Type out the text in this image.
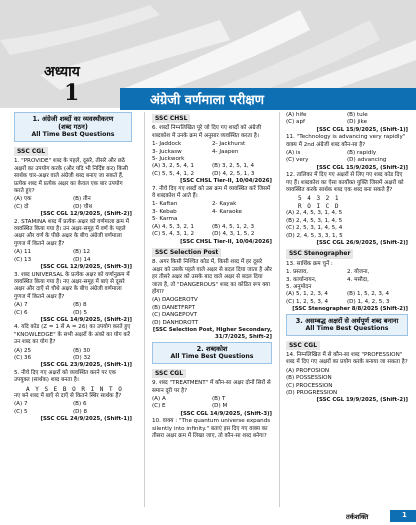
अध्याय
1	अंग्रेजी वर्णमाला परीक्षण
1. अंग्रेजी शब्दों का व्यवस्थीकरण
(शब्द गठन)
All Time Best Questions
SSC CGL
1. "PROVIDE" शब्द के पहले, दूसरे, तीसरे और छठे अक्षरों का उपयोग करके (और यदि भी निर्दिष्ट कर) किसी सार्थक चार-अक्षर वाले अंग्रेजी शब्द बनाए जा सकते हैं, प्रत्येक शब्द में प्रत्येक अक्षर का केवल एक बार उपयोग करते हुए?
(A) एक	(B) तीन
(C) दो	(D) चौथ
[SSC CGL 12/9/2025, (Shift-2)]
2. STAMINA शब्द में प्रत्येक अक्षर को वर्णमाला क्रम में व्यवस्थित किया गया है। उन अक्षर-समूह में वर्ण के पहले अक्षर और वर्ण के पीछे अक्षर के बीच अंग्रेजी वर्णमाला गुणज में कितने अक्षर हैं?
(A) 11	(B) 12
(C) 13	(D) 14
[SSC CGL 12/9/2025, (Shift-3)]
3. शब्द UNIVERSAL के प्रत्येक अक्षर को वर्णानुक्रम में व्यवस्थित किया गया है। नए अक्षर-समूह में बाएं से दूसरे अक्षर और दाएँ से चौथे अक्षर के बीच अंग्रेजी वर्णमाला गुणज में कितने अक्षर हैं?
(A) 7	(B) 8
(C) 6	(D) 5
[SSC CGL 14/9/2025, (Shift-2)]
4. यदि कोड (Z = 1 से A = 26) का उपयोग करते हुए "KNOWLEDGE" के सभी अक्षरों के अंको का योग करें उन शब्द का योग है?
(A) 25	(B) 30
(C) 36	(D) 32
[SSC CGL 23/9/2025, (Shift-1)]
5. नीचे दिए गए अक्षरों को व्यवस्थित करने पर एक उपयुक्त (सार्थक) शब्द बनता है।
A Y S E B O R I N T O
नए बने शब्द में बाएँ से दाएँ से कितने स्थिर सार्थक हैं?
(A) 7	(B) 6
(C) 5	(D) 8
[SSC CGL 24/9/2025, (Shift-1)]
SSC CHSL
6. शब्दों निम्नलिखित पूरे जो दिए गए शब्दों को अंग्रेजी शब्दकोश में उनके क्रम में अनुसार व्यवस्थित करता है।
1- Jaddock	2- Jackhurst
3- Juckasw	4- Jaapen
5- Juckwork
(A) 3, 2, 5, 4, 1	(B) 3, 2, 5, 1, 4
(C) 5, 5, 4, 1, 2	(D) 4, 2, 5, 1, 3
[SSC CHSL Tier-II, 10/04/2026]
7. नीचे दिए गए शब्दों को उस क्रम में व्यवस्थित करें जिसमें वे शब्दकोश में आते हैं।
1- Kaftan	2- Kayak
3- Kebab	4- Karaoke
5- Karma
(A) 4, 5, 3, 2, 1	(B) 4, 5, 1, 2, 3
(C) 5, 4, 3, 1, 2	(D) 4, 3, 1, 5, 2
[SSC CHSL Tier-II, 10/04/2026]
SSC Selection Post
8. अगर किसी निश्चित कोड में, किसी शब्द में हर दूसरे अक्षर को उसके पहले वाले अक्षर से बदल दिया जाता है और हर तीसरे अक्षर को उसके बाद वाले अक्षर से बदल दिया जाता है, तो "DANGEROUS" शब्द का कोडित रूप क्या होगा?
(A) DAOGEROTV
(B) DANETFRPT
(C) DANGEPOVT
(D) DANHDROTT
[SSC Selection Post, Higher Secondary, 31/7/2025, Shift-2]
2. शब्दकोश
All Time Best Questions
SSC CGL
9. शब्द "TREATMENT" में कौन-सा अक्षर दोनों सिरों से समान दूरी पर है?
(A) A	(B) T
(C) E	(D) M
[SSC CGL 14/9/2025, (Shift-3)]
10. वाक्य : "The quantum universe expands silently into infinity." बताएं इस दिए गए वाक्य का तीसरा अक्षर क्रम में लिखा जाए, तो कौन-सा शब्द बनेगा?
(A) hife	(B) tule
(C) apf	(D) jike
[SSC CGL 15/9/2025, (Shift-1)]
11. "Technology is advancing very rapidly" वाक्य में 2nd अंग्रेजी शब्द कौन-सा है?
(A) is	(B) rapidly
(C) very	(D) advancing
[SSC CGL 15/9/2025, (Shift-2)]
12. तालिका में दिए गए अक्षरों से लिए गए शब्द कोड दिए गए हैं। शब्दकोश का ऐसा कार्योक्त युक्ति जिसमें अक्षरों को व्यवस्थित करके सार्थक शब्द एक शब्द बना सकते हैं?
5 4 3 2 1
R O I C D
(A) 2, 4, 5, 3, 1, 4, 5
(B) 2, 4, 5, 3, 1, 4, 5
(C) 2, 5, 3, 1, 4, 5, 4
(D) 2, 4, 5, 3, 3, 1, 5
[SSC CGL 26/9/2025, (Shift-2)]
SSC Stenographer
13. सार्थिक क्रम चुनें :
1. प्रस्ताव,	2. योजना,
3. कार्यान्वयन,	4. मसौदा,
5. अनुमोदन
(A) 5, 1, 2, 3, 4	(B) 1, 5, 2, 3, 4
(C) 1, 2, 5, 3, 4	(D) 1, 4, 2, 5, 3
[SSC Stenographer 8/8/2025 (Shift-2)]
3. असम्बद्ध अक्षरों से अर्थपूर्ण शब्द बनाना
All Time Best Questions
SSC CGL
14. निम्नलिखित में से कौन-सा शब्द "PROFESSION" शब्द में दिए गए अक्षरों का प्रयोग करके बनाया जा सकता है?
(A) PROFOSION
(B) POSSESSION
(C) PROCESSION
(D) PROGRESSION
[SSC CGL 19/9/2025, (Shift-2)]
तर्कशक्ति	1
